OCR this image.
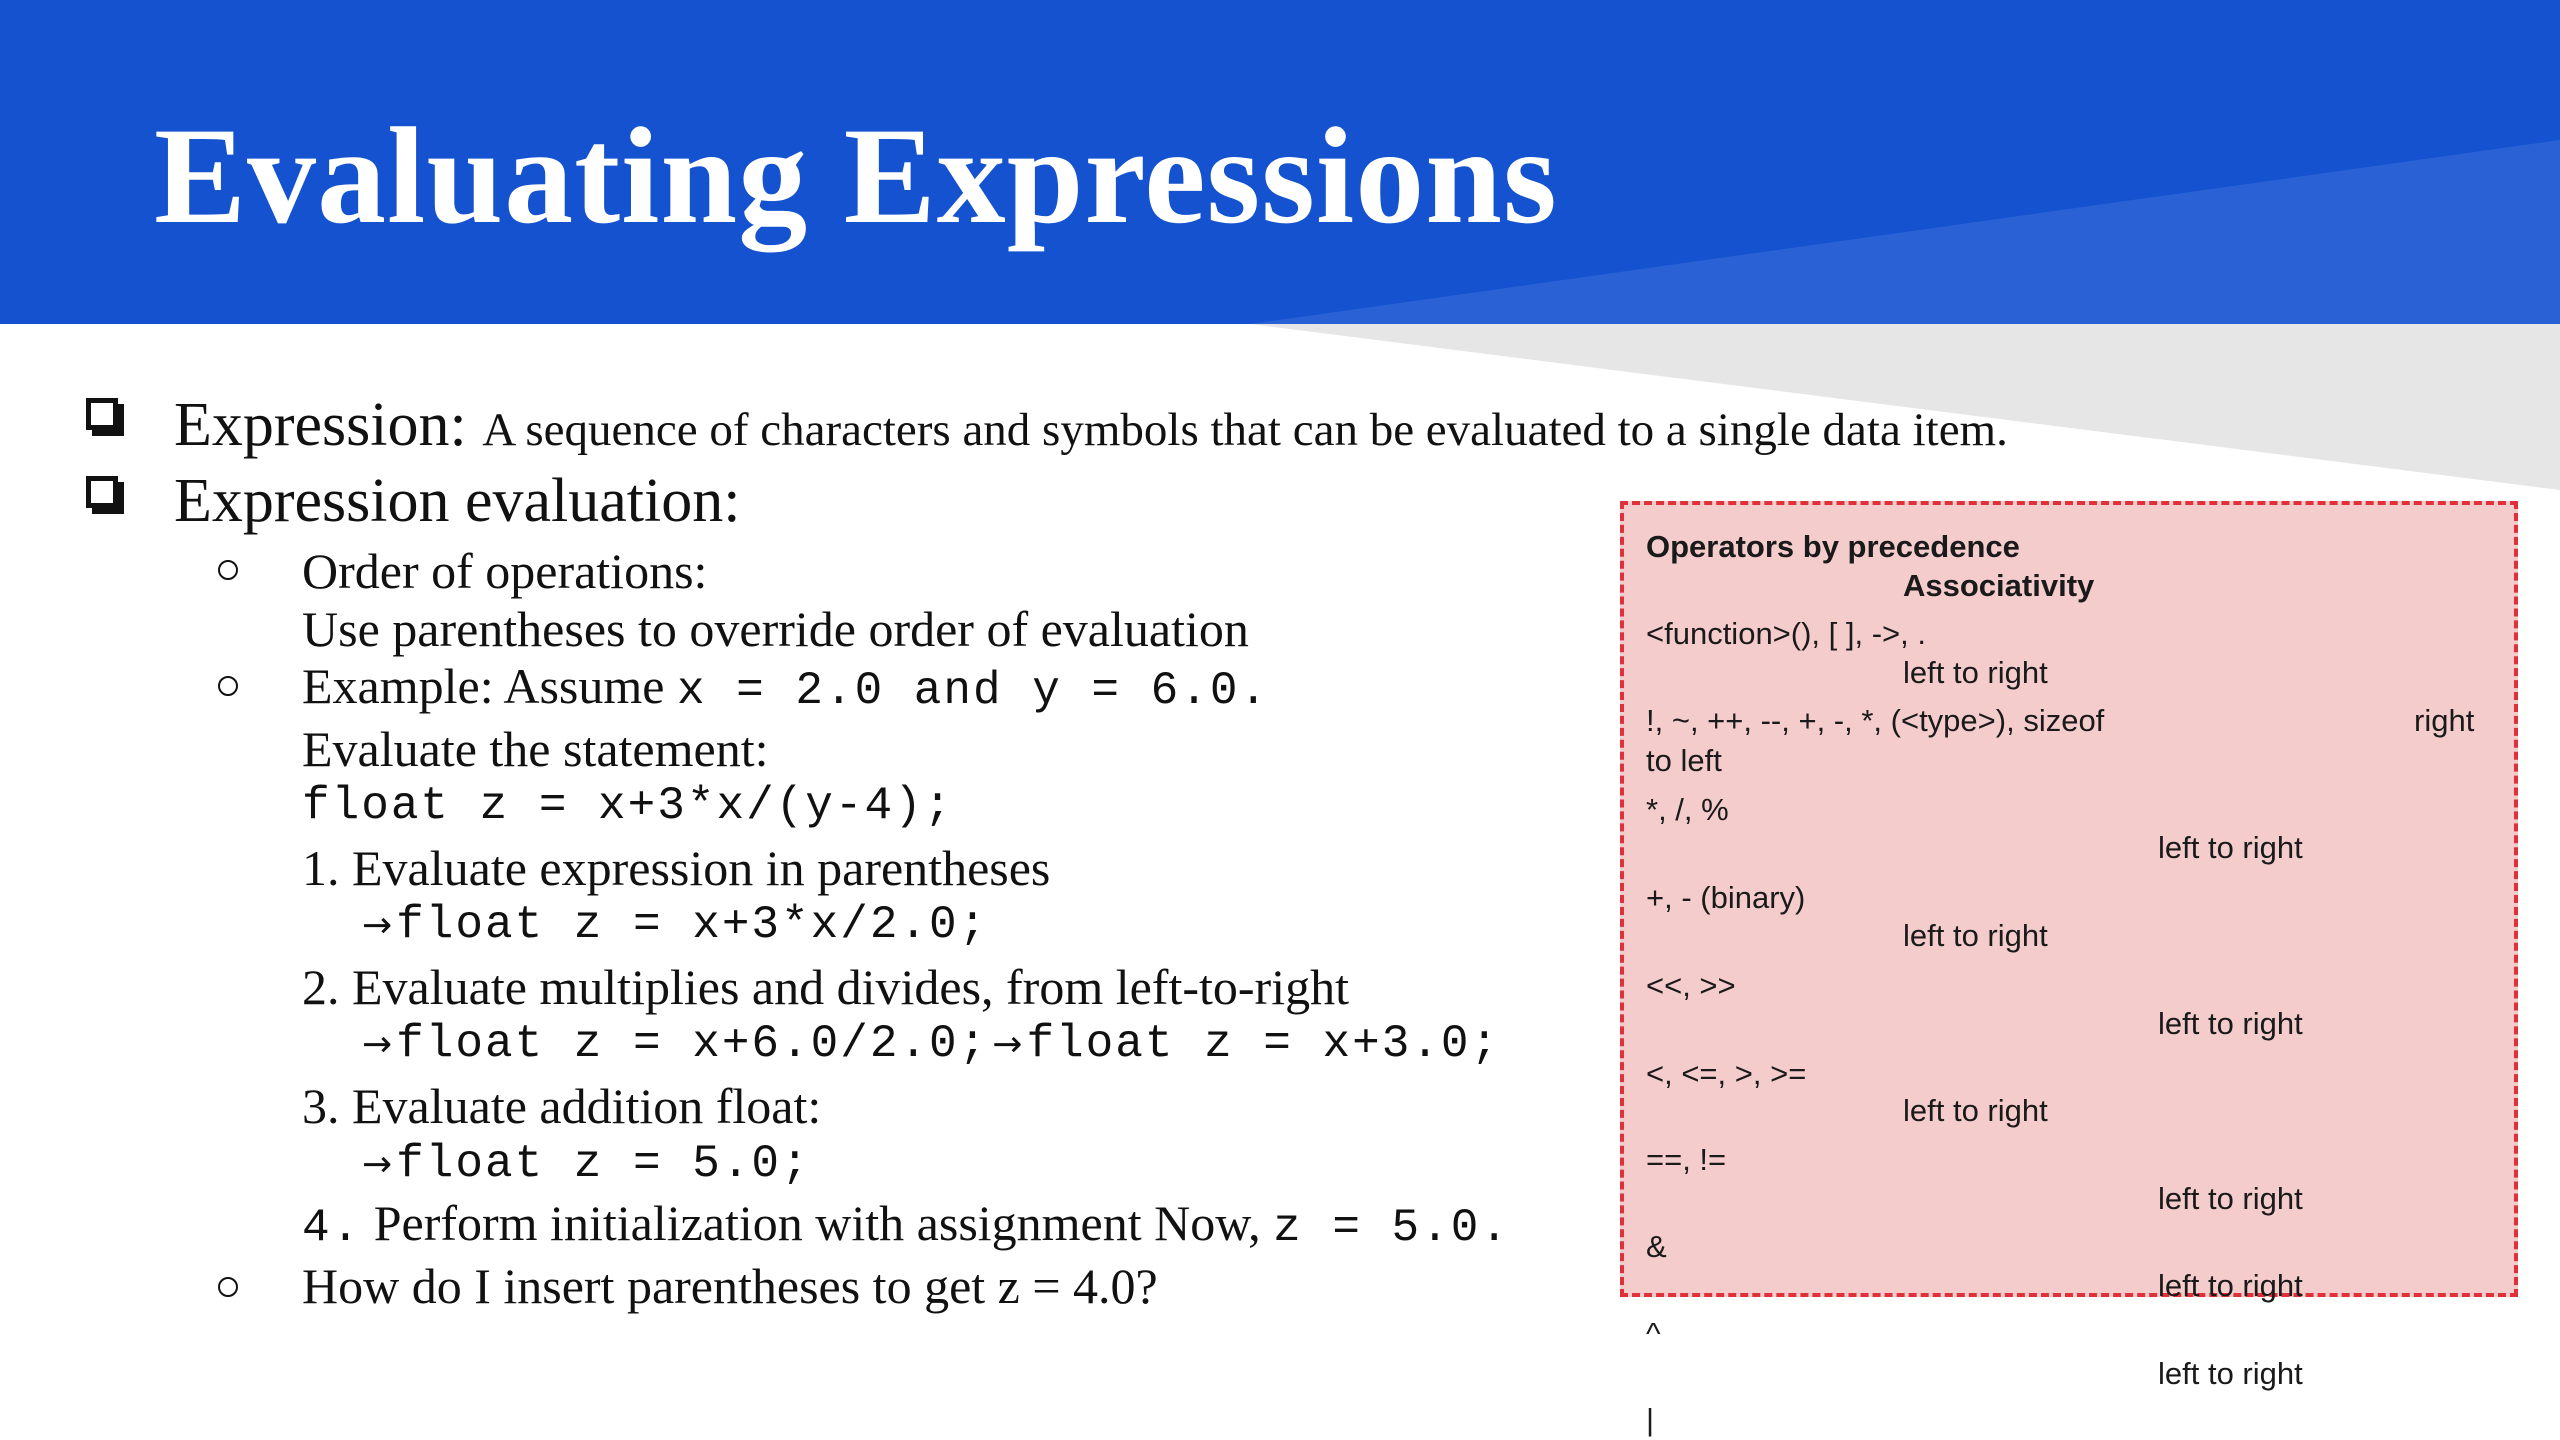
Evaluating Expressions
Expression: A sequence of characters and symbols that can be evaluated to a single data item.
Expression evaluation:
Order of operations:
Use parentheses to override order of evaluation
Example: Assume x = 2.0 and y = 6.0.
Evaluate the statement:
float z = x+3*x/(y-4);
1. Evaluate expression in parentheses
→ float z = x+3*x/2.0;
2. Evaluate multiplies and divides, from left-to-right
→ float z = x+6.0/2.0; → float z = x+3.0;
3. Evaluate addition float:
→ float z = 5.0;
4. Perform initialization with assignment Now, z = 5.0.
How do I insert parentheses to get z = 4.0?
Operators by precedence
Associativity
<function>(), [ ], ->, .
left to right
!, ~, ++, --, +, -, *, (<type>), sizeof	right
to left
*, /, %
left to right
+, - (binary)
left to right
<<, >>
left to right
<, <=, >, >=
left to right
==, !=
left to right
&
left to right
^
left to right
|
